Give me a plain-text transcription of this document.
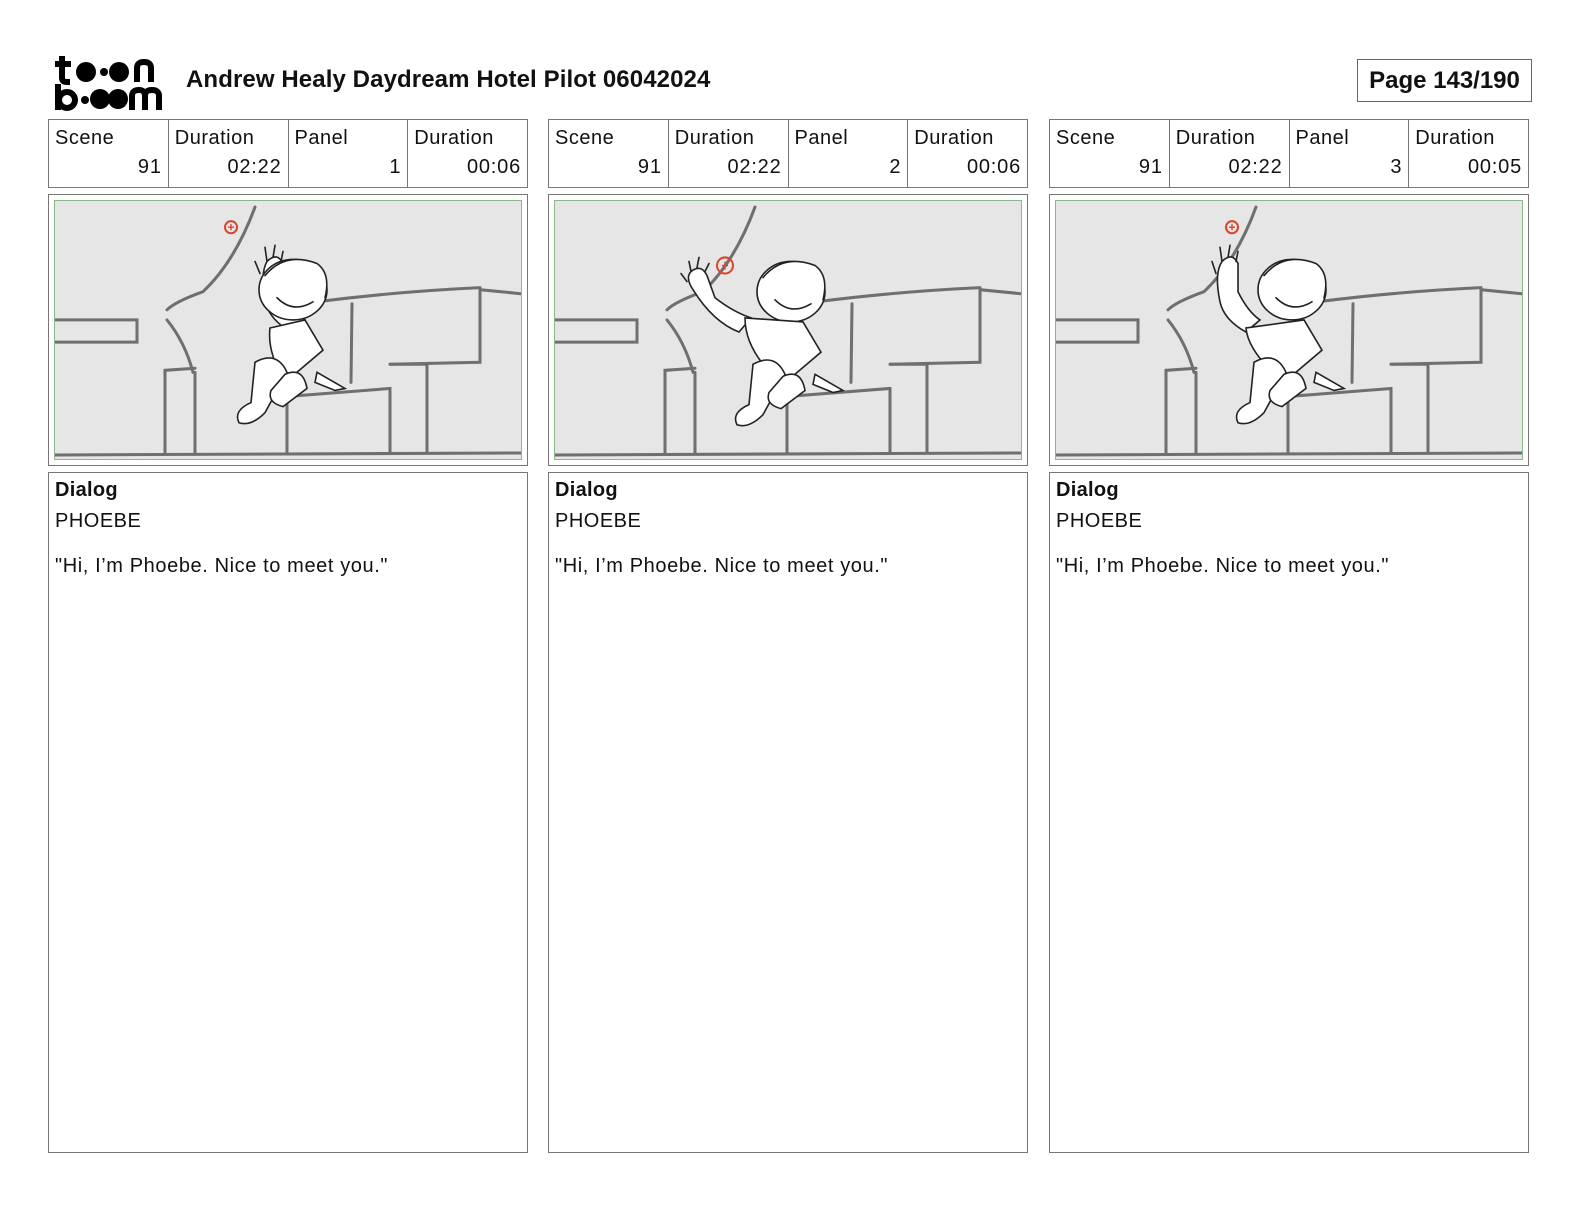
Andrew Healy Daydream Hotel Pilot 06042024	Page 143/190
Scene
91
Duration
02:22
Panel
1
Duration
00:06
Dialog
PHOEBE
"Hi, I’m Phoebe. Nice to meet you."
Scene
91
Duration
02:22
Panel
2
Duration
00:06
Dialog
PHOEBE
"Hi, I’m Phoebe. Nice to meet you."
Scene
91
Duration
02:22
Panel
3
Duration
00:05
Dialog
PHOEBE
"Hi, I’m Phoebe. Nice to meet you."
